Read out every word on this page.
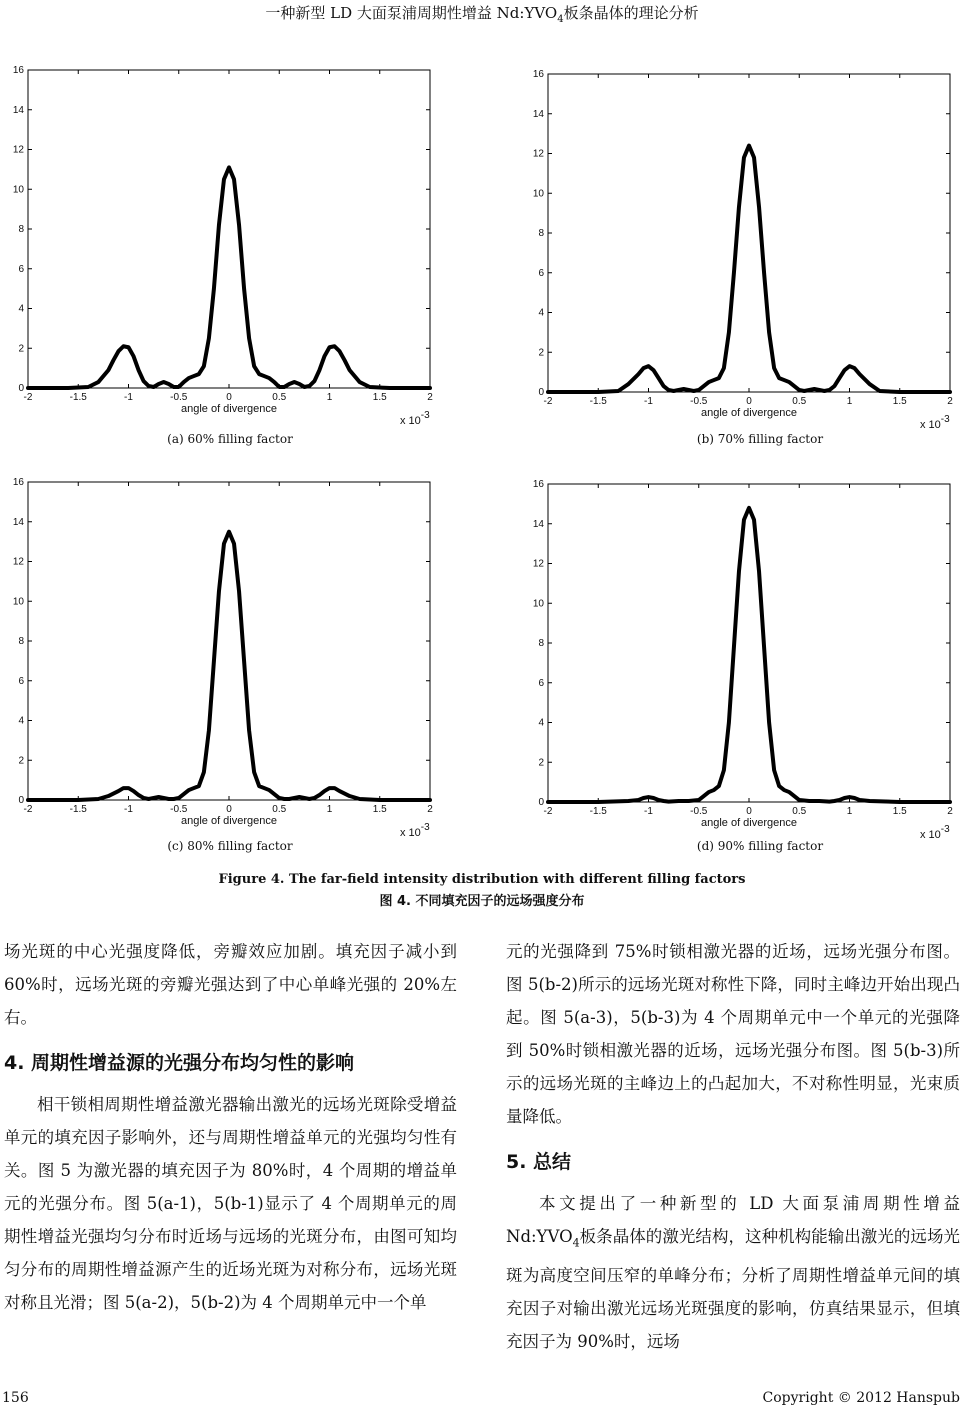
一种新型 LD 大面泵浦周期性增益 $Nd:YVO_4$板条晶体的理论分析
-2	-1.5	-1	-0.5	0	0.5	1	1.5	2
0
2
4
6
8
10
12
14
16
angle of divergence
x 10-3
-2	-1.5	-1	-0.5	0	0.5	1	1.5	2
0
2
4
6
8
10
12
14
16
angle of divergence
x 10-3
-2	-1.5	-1	-0.5	0	0.5	1	1.5	2
0
2
4
6
8
10
12
14
16
angle of divergence
x 10-3
-2	-1.5	-1	-0.5	0	0.5	1	1.5	2
0
2
4
6
8
10
12
14
16
angle of divergence
x 10-3
(a) 60% filling factor	(b) 70% filling factor
(c) 80% filling factor	(d) 90% filling factor
Figure 4. The far-field intensity distribution with different filling factors
图 4. 不同填充因子的远场强度分布

场光斑的中心光强度降低，旁瓣效应加剧。填充因子减小到 60%时，远场光斑的旁瓣光强达到了中心单峰光强的 20%左右。

4. 周期性增益源的光强分布均匀性的影响

相干锁相周期性增益激光器输出激光的远场光斑除受增益单元的填充因子影响外，还与周期性增益单元的光强均匀性有关。图 5 为激光器的填充因子为 80%时，4 个周期的增益单元的光强分布。图 5(a-1)，5(b-1)显示了 4 个周期单元的周期性增益光强均匀分布时近场与远场的光斑分布，由图可知均匀分布的周期性增益源产生的近场光斑为对称分布，远场光斑对称且光滑；图 5(a-2)，5(b-2)为 4 个周期单元中一个单

元的光强降到 75%时锁相激光器的近场，远场光强分布图。图 5(b-2)所示的远场光斑对称性下降，同时主峰边开始出现凸起。图 5(a-3)，5(b-3)为 4 个周期单元中一个单元的光强降到 50%时锁相激光器的近场，远场光强分布图。图 5(b-3)所示的远场光斑的主峰边上的凸起加大，不对称性明显，光束质量降低。

5. 总结

本文提出了一种新型的 LD 大面泵浦周期性增益 $Nd:YVO_4$板条晶体的激光结构，这种机构能输出激光的远场光斑为高度空间压窄的单峰分布；分析了周期性增益单元间的填充因子对输出激光远场光斑强度的影响，仿真结果显示，但填充因子为 90%时，远场

156	Copyright © 2012 Hanspub
